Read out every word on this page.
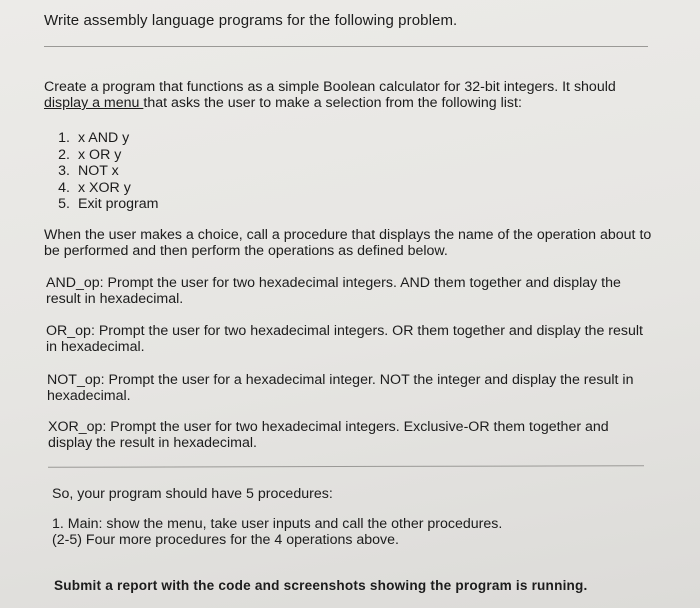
Write assembly language programs for the following problem.

Create a program that functions as a simple Boolean calculator for 32-bit integers. It should display a menu that asks the user to make a selection from the following list:

1. x AND y
2. x OR y
3. NOT x
4. x XOR y
5. Exit program

When the user makes a choice, call a procedure that displays the name of the operation about to be performed and then perform the operations as defined below.

AND_op: Prompt the user for two hexadecimal integers. AND them together and display the result in hexadecimal.

OR_op: Prompt the user for two hexadecimal integers. OR them together and display the result in hexadecimal.

NOT_op: Prompt the user for a hexadecimal integer. NOT the integer and display the result in hexadecimal.

XOR_op: Prompt the user for two hexadecimal integers. Exclusive-OR them together and display the result in hexadecimal.

So, your program should have 5 procedures:

1. Main: show the menu, take user inputs and call the other procedures.
(2-5) Four more procedures for the 4 operations above.

Submit a report with the code and screenshots showing the program is running.
